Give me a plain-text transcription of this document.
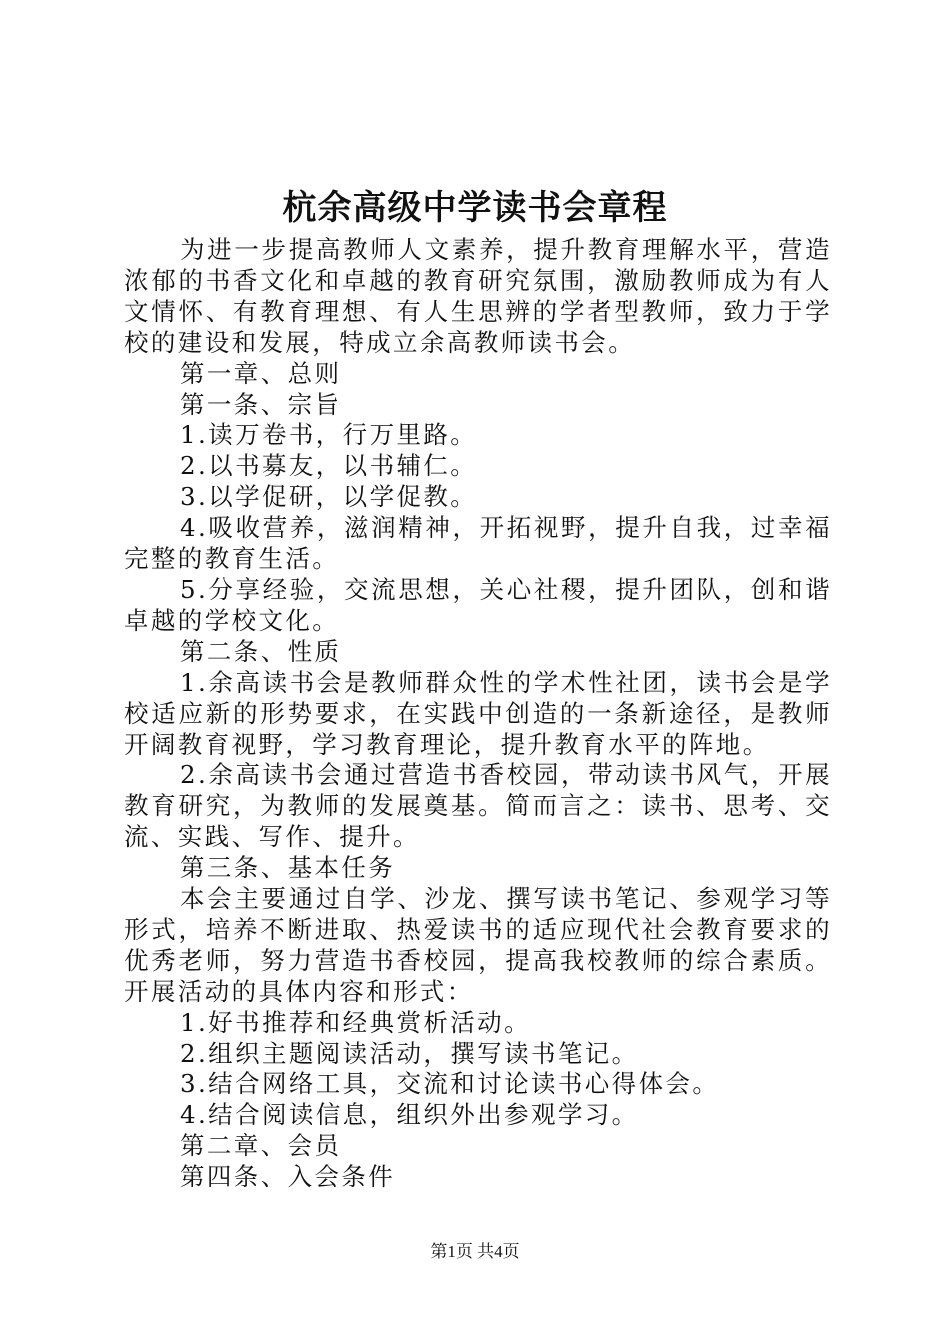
杭余高级中学读书会章程

为进一步提高教师人文素养，提升教育理解水平，营造浓郁的书香文化和卓越的教育研究氛围，激励教师成为有人文情怀、有教育理想、有人生思辨的学者型教师，致力于学校的建设和发展，特成立余高教师读书会。

第一章、总则

第一条、宗旨

1.读万卷书，行万里路。

2.以书募友，以书辅仁。

3.以学促研，以学促教。

4.吸收营养，滋润精神，开拓视野，提升自我，过幸福完整的教育生活。

5.分享经验，交流思想，关心社稷，提升团队，创和谐卓越的学校文化。

第二条、性质

1.余高读书会是教师群众性的学术性社团，读书会是学校适应新的形势要求，在实践中创造的一条新途径，是教师开阔教育视野，学习教育理论，提升教育水平的阵地。

2.余高读书会通过营造书香校园，带动读书风气，开展教育研究，为教师的发展奠基。简而言之：读书、思考、交流、实践、写作、提升。

第三条、基本任务

本会主要通过自学、沙龙、撰写读书笔记、参观学习等形式，培养不断进取、热爱读书的适应现代社会教育要求的优秀老师，努力营造书香校园，提高我校教师的综合素质。开展活动的具体内容和形式：

1.好书推荐和经典赏析活动。

2.组织主题阅读活动，撰写读书笔记。

3.结合网络工具，交流和讨论读书心得体会。

4.结合阅读信息，组织外出参观学习。

第二章、会员

第四条、入会条件

第1页 共4页
